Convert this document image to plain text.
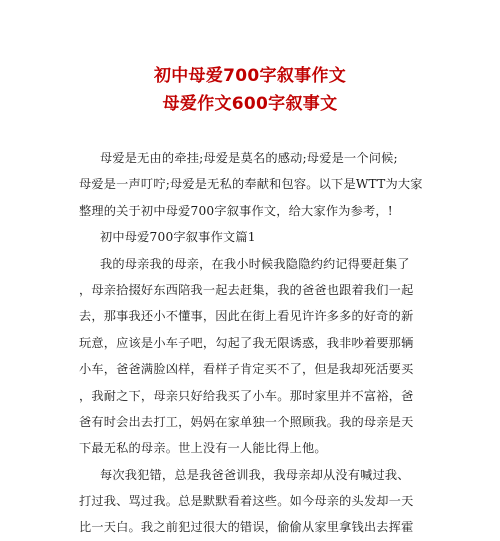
初中母爱700字叙事作文
母爱作文600字叙事文
母爱是无由的牵挂;母爱是莫名的感动;母爱是一个问候;
母爱是一声叮咛;母爱是无私的奉献和包容。以下是WTT为大家
整理的关于初中母爱700字叙事作文，给大家作为参考，!
初中母爱700字叙事作文篇1
我的母亲我的母亲，在我小时候我隐隐约约记得要赶集了
，母亲拾掇好东西陪我一起去赶集，我的爸爸也跟着我们一起
去，那事我还小不懂事，因此在街上看见许许多多的好奇的新
玩意，应该是小车子吧，勾起了我无限诱惑，我非吵着要那辆
小车，爸爸满脸凶样，看样子肯定买不了，但是我却死活要买
，我耐之下，母亲只好给我买了小车。那时家里并不富裕，爸
爸有时会出去打工，妈妈在家单独一个照顾我。我的母亲是天
下最无私的母亲。世上没有一人能比得上他。
每次我犯错，总是我爸爸训我，我母亲却从没有喊过我、
打过我、骂过我。总是默默看着这些。如今母亲的头发却一天
比一天白。我之前犯过很大的错误，偷偷从家里拿钱出去挥霍
